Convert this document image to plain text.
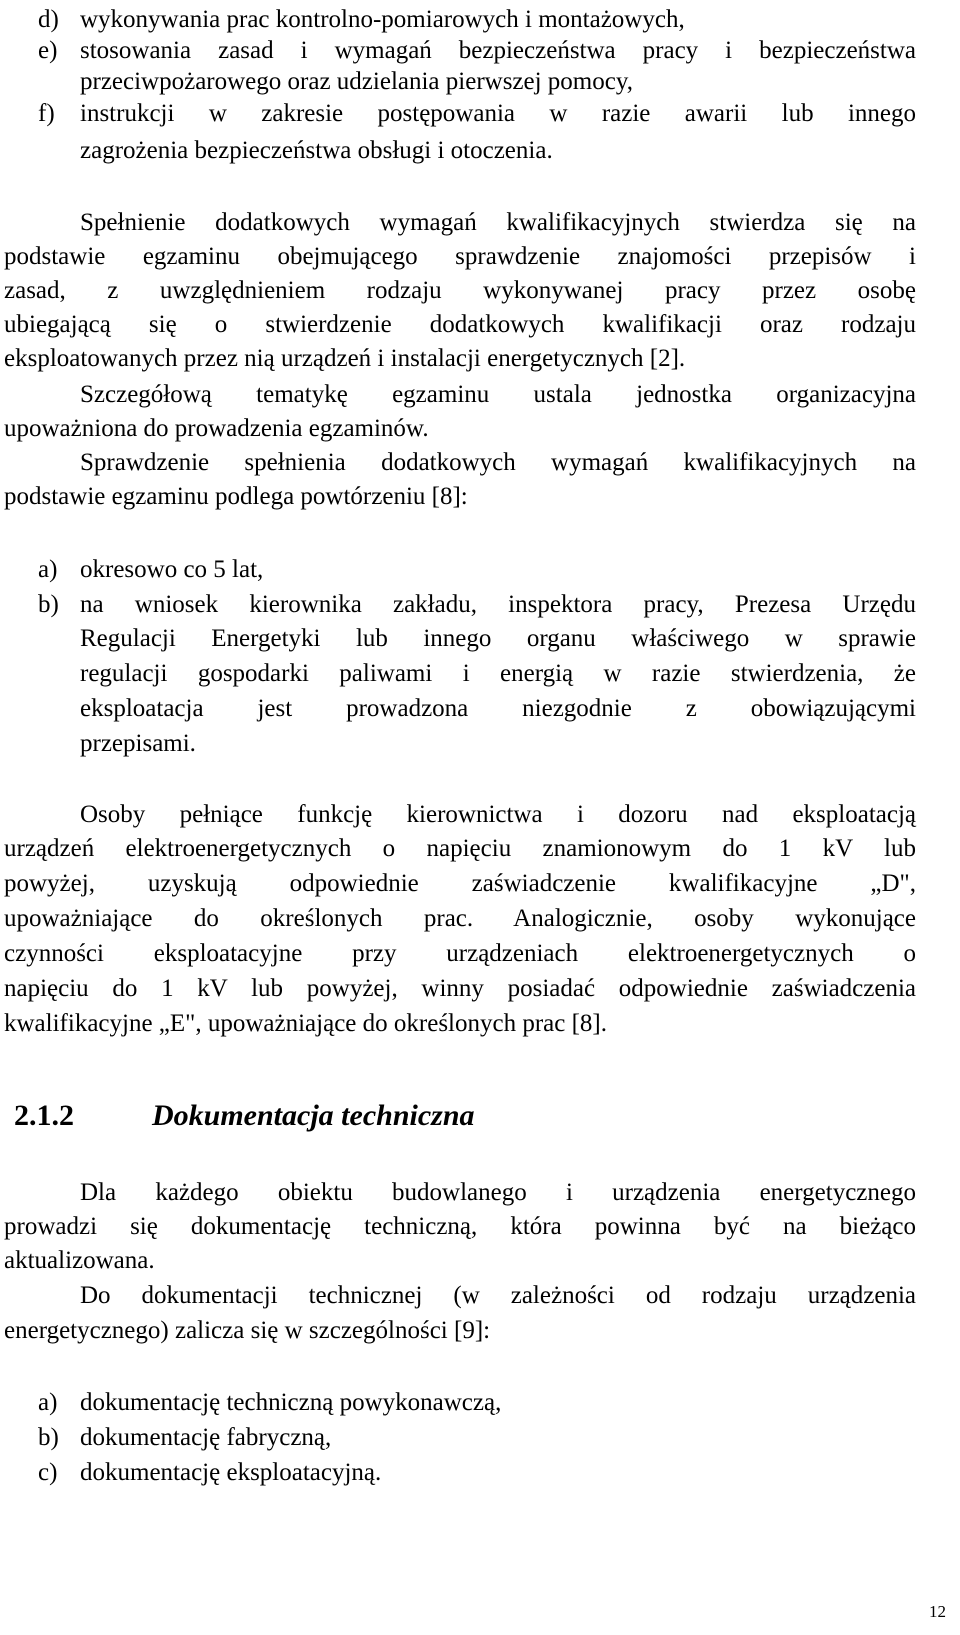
d) wykonywania prac kontrolno-pomiarowych i montażowych,
e) stosowania zasad i wymagań bezpieczeństwa pracy i bezpieczeństwa
przeciwpożarowego oraz udzielania pierwszej pomocy,
f) instrukcji w zakresie postępowania w razie awarii lub innego
zagrożenia bezpieczeństwa obsługi i otoczenia.
Spełnienie dodatkowych wymagań kwalifikacyjnych stwierdza się na
podstawie egzaminu obejmującego sprawdzenie znajomości przepisów i
zasad, z uwzględnieniem rodzaju wykonywanej pracy przez osobę
ubiegającą się o stwierdzenie dodatkowych kwalifikacji oraz rodzaju
eksploatowanych przez nią urządzeń i instalacji energetycznych [2].
Szczegółową tematykę egzaminu ustala jednostka organizacyjna
upoważniona do prowadzenia egzaminów.
Sprawdzenie spełnienia dodatkowych wymagań kwalifikacyjnych na
podstawie egzaminu podlega powtórzeniu [8]:
a) okresowo co 5 lat,
b) na wniosek kierownika zakładu, inspektora pracy, Prezesa Urzędu
Regulacji Energetyki lub innego organu właściwego w sprawie
regulacji gospodarki paliwami i energią w razie stwierdzenia, że
eksploatacja jest prowadzona niezgodnie z obowiązującymi
przepisami.
Osoby pełniące funkcję kierownictwa i dozoru nad eksploatacją
urządzeń elektroenergetycznych o napięciu znamionowym do 1 kV lub
powyżej, uzyskują odpowiednie zaświadczenie kwalifikacyjne „D",
upoważniające do określonych prac. Analogicznie, osoby wykonujące
czynności eksploatacyjne przy urządzeniach elektroenergetycznych o
napięciu do 1 kV lub powyżej, winny posiadać odpowiednie zaświadczenia
kwalifikacyjne „E", upoważniające do określonych prac [8].
2.1.2	Dokumentacja techniczna
Dla każdego obiektu budowlanego i urządzenia energetycznego
prowadzi się dokumentację techniczną, która powinna być na bieżąco
aktualizowana.
Do dokumentacji technicznej (w zależności od rodzaju urządzenia
energetycznego) zalicza się w szczególności [9]:
a) dokumentację techniczną powykonawczą,
b) dokumentację fabryczną,
c) dokumentację eksploatacyjną.
12
